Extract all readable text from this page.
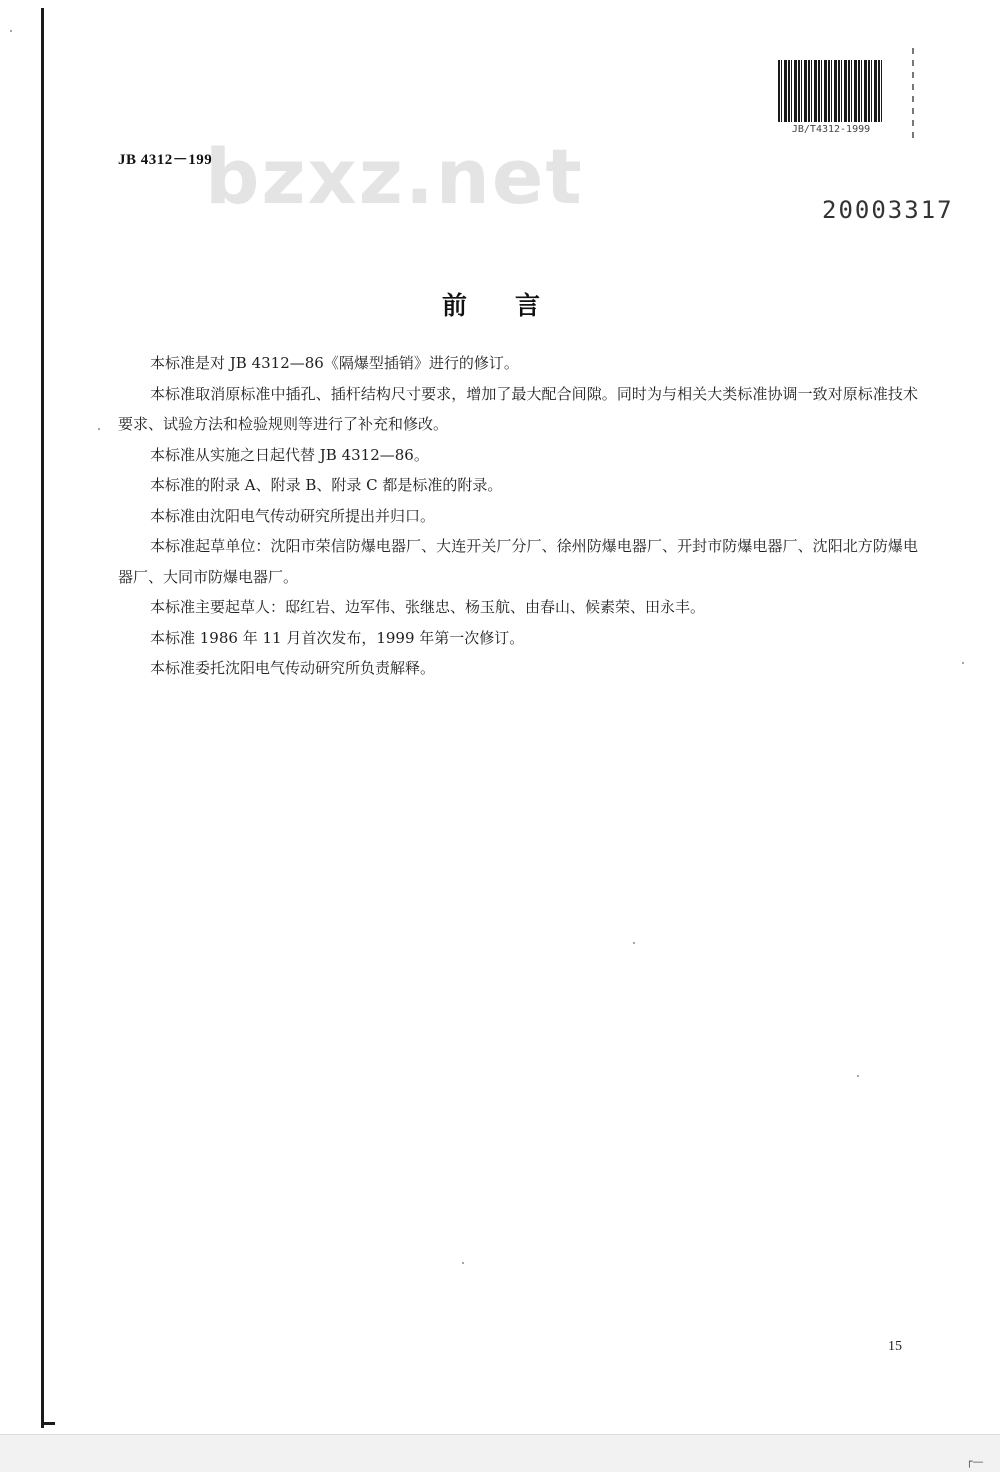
JB 4312－1999
bzxz.net
JB/T4312-1999
20003317
前言

本标准是对 JB 4312—86《隔爆型插销》进行的修订。

本标准取消原标准中插孔、插杆结构尺寸要求，增加了最大配合间隙。同时为与相关大类标准协调一致对原标准技术要求、试验方法和检验规则等进行了补充和修改。

本标准从实施之日起代替 JB 4312—86。

本标准的附录 A、附录 B、附录 C 都是标准的附录。

本标准由沈阳电气传动研究所提出并归口。

本标准起草单位：沈阳市荣信防爆电器厂、大连开关厂分厂、徐州防爆电器厂、开封市防爆电器厂、沈阳北方防爆电器厂、大同市防爆电器厂。

本标准主要起草人：邸红岩、边军伟、张继忠、杨玉航、由春山、候素荣、田永丰。

本标准 1986 年 11 月首次发布，1999 年第一次修订。

本标准委托沈阳电气传动研究所负责解释。

15
┌—
